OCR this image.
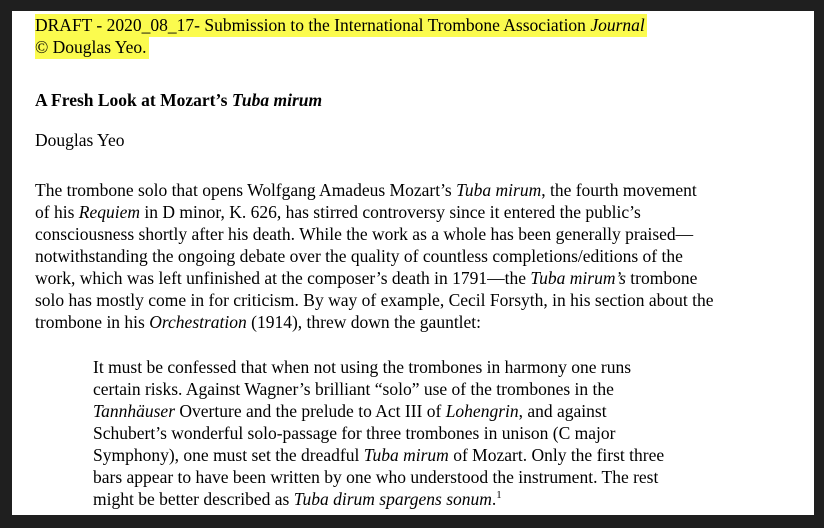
DRAFT - 2020_08_17- Submission to the International Trombone Association Journal
© Douglas Yeo.
A Fresh Look at Mozart’s Tuba mirum
Douglas Yeo
The trombone solo that opens Wolfgang Amadeus Mozart’s Tuba mirum, the fourth movement
of his Requiem in D minor, K. 626, has stirred controversy since it entered the public’s
consciousness shortly after his death. While the work as a whole has been generally praised—
notwithstanding the ongoing debate over the quality of countless completions/editions of the
work, which was left unfinished at the composer’s death in 1791—the Tuba mirum’s trombone
solo has mostly come in for criticism. By way of example, Cecil Forsyth, in his section about the
trombone in his Orchestration (1914), threw down the gauntlet:
It must be confessed that when not using the trombones in harmony one runs
certain risks. Against Wagner’s brilliant “solo” use of the trombones in the
Tannhäuser Overture and the prelude to Act III of Lohengrin, and against
Schubert’s wonderful solo-passage for three trombones in unison (C major
Symphony), one must set the dreadful Tuba mirum of Mozart. Only the first three
bars appear to have been written by one who understood the instrument. The rest
might be better described as Tuba dirum spargens sonum.$^1$
